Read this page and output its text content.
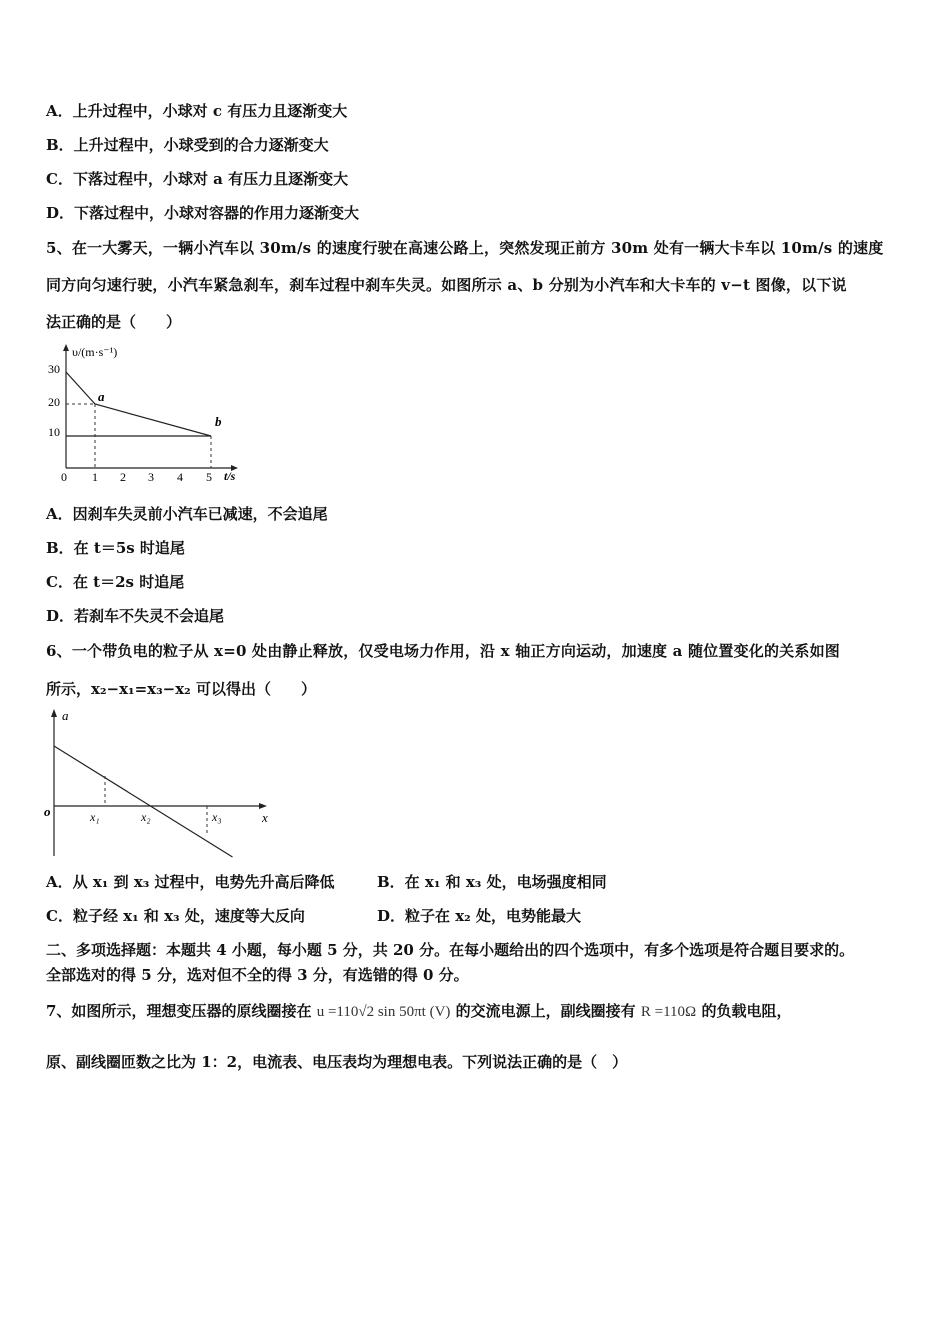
A．上升过程中，小球对 c 有压力且逐渐变大
B．上升过程中，小球受到的合力逐渐变大
C．下落过程中，小球对 a 有压力且逐渐变大
D．下落过程中，小球对容器的作用力逐渐变大
5、在一大雾天，一辆小汽车以 30m/s 的速度行驶在高速公路上，突然发现正前方 30m 处有一辆大卡车以 10m/s 的速度
同方向匀速行驶，小汽车紧急刹车，刹车过程中刹车失灵。如图所示 a、b 分别为小汽车和大卡车的 v−t 图像，以下说
法正确的是（　　）
υ/(m·s⁻¹)
0	t/s
30
20
10
1 2 3 4 5
a
b
A．因刹车失灵前小汽车已减速，不会追尾
B．在 t＝5s 时追尾
C．在 t＝2s 时追尾
D．若刹车不失灵不会追尾
6、一个带负电的粒子从 x=0 处由静止释放，仅受电场力作用，沿 x 轴正方向运动，加速度 a 随位置变化的关系如图
所示，x₂−x₁=x₃−x₂ 可以得出（　　）
a
o	x
x₁	x₂	x₃
A．从 x₁ 到 x₃ 过程中，电势先升高后降低	B．在 x₁ 和 x₃ 处，电场强度相同
C．粒子经 x₁ 和 x₃ 处，速度等大反向	D．粒子在 x₂ 处，电势能最大
二、多项选择题：本题共 4 小题，每小题 5 分，共 20 分。在每小题给出的四个选项中，有多个选项是符合题目要求的。
全部选对的得 5 分，选对但不全的得 3 分，有选错的得 0 分。
7、如图所示，理想变压器的原线圈接在 u =110√2 sin 50πt (V) 的交流电源上，副线圈接有 R =110Ω 的负载电阻，
原、副线圈匝数之比为 1：2，电流表、电压表均为理想电表。下列说法正确的是（　）
